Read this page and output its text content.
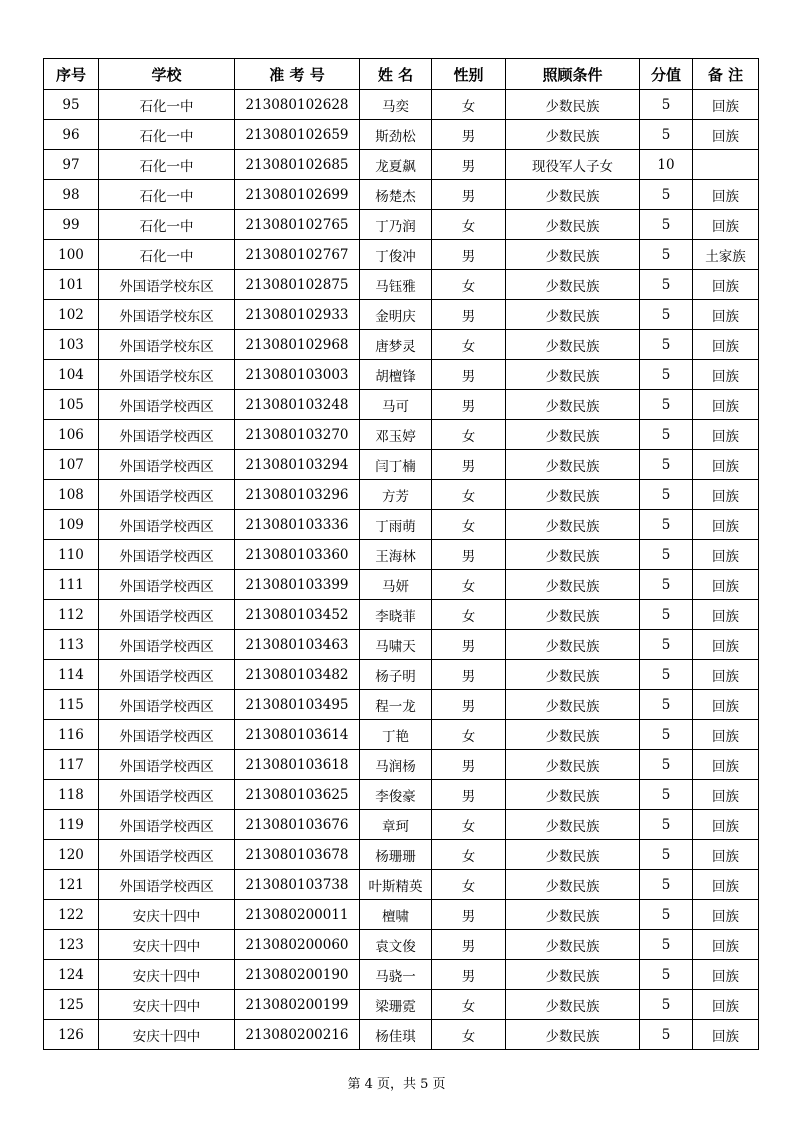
序号	学校	准 考 号	姓 名	性别	照顾条件	分值	备 注
95	石化一中	213080102628	马奕	女	少数民族	5	回族
96	石化一中	213080102659	斯劲松	男	少数民族	5	回族
97	石化一中	213080102685	龙夏飙	男	现役军人子女	10	
98	石化一中	213080102699	杨楚杰	男	少数民族	5	回族
99	石化一中	213080102765	丁乃润	女	少数民族	5	回族
100	石化一中	213080102767	丁俊冲	男	少数民族	5	土家族
101	外国语学校东区	213080102875	马钰雅	女	少数民族	5	回族
102	外国语学校东区	213080102933	金明庆	男	少数民族	5	回族
103	外国语学校东区	213080102968	唐梦灵	女	少数民族	5	回族
104	外国语学校东区	213080103003	胡檀锋	男	少数民族	5	回族
105	外国语学校西区	213080103248	马可	男	少数民族	5	回族
106	外国语学校西区	213080103270	邓玉婷	女	少数民族	5	回族
107	外国语学校西区	213080103294	闫丁楠	男	少数民族	5	回族
108	外国语学校西区	213080103296	方芳	女	少数民族	5	回族
109	外国语学校西区	213080103336	丁雨萌	女	少数民族	5	回族
110	外国语学校西区	213080103360	王海林	男	少数民族	5	回族
111	外国语学校西区	213080103399	马妍	女	少数民族	5	回族
112	外国语学校西区	213080103452	李晓菲	女	少数民族	5	回族
113	外国语学校西区	213080103463	马啸天	男	少数民族	5	回族
114	外国语学校西区	213080103482	杨子明	男	少数民族	5	回族
115	外国语学校西区	213080103495	程一龙	男	少数民族	5	回族
116	外国语学校西区	213080103614	丁艳	女	少数民族	5	回族
117	外国语学校西区	213080103618	马润杨	男	少数民族	5	回族
118	外国语学校西区	213080103625	李俊豪	男	少数民族	5	回族
119	外国语学校西区	213080103676	章珂	女	少数民族	5	回族
120	外国语学校西区	213080103678	杨珊珊	女	少数民族	5	回族
121	外国语学校西区	213080103738	叶斯精英	女	少数民族	5	回族
122	安庆十四中	213080200011	檀啸	男	少数民族	5	回族
123	安庆十四中	213080200060	袁文俊	男	少数民族	5	回族
124	安庆十四中	213080200190	马骁一	男	少数民族	5	回族
125	安庆十四中	213080200199	梁珊霓	女	少数民族	5	回族
126	安庆十四中	213080200216	杨佳琪	女	少数民族	5	回族
第 4 页，共 5 页
